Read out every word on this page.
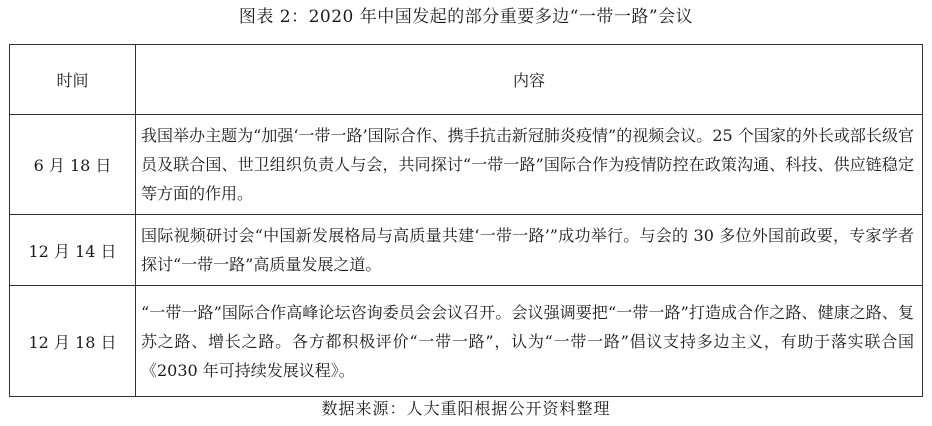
图表 2：2020 年中国发起的部分重要多边“一带一路”会议
时间	内容
6 月 18 日	我国举办主题为“加强‘一带一路’国际合作、携手抗击新冠肺炎疫情”的视频会议。25 个国家的外长或部长级官员及联合国、世卫组织负责人与会，共同探讨“一带一路”国际合作为疫情防控在政策沟通、科技、供应链稳定等方面的作用。
12 月 14 日	国际视频研讨会“中国新发展格局与高质量共建‘一带一路’”成功举行。与会的 30 多位外国前政要，专家学者探讨“一带一路”高质量发展之道。
12 月 18 日	“一带一路”国际合作高峰论坛咨询委员会会议召开。会议强调要把“一带一路”打造成合作之路、健康之路、复苏之路、增长之路。各方都积极评价“一带一路”，认为“一带一路”倡议支持多边主义，有助于落实联合国《2030 年可持续发展议程》。
数据来源：人大重阳根据公开资料整理
